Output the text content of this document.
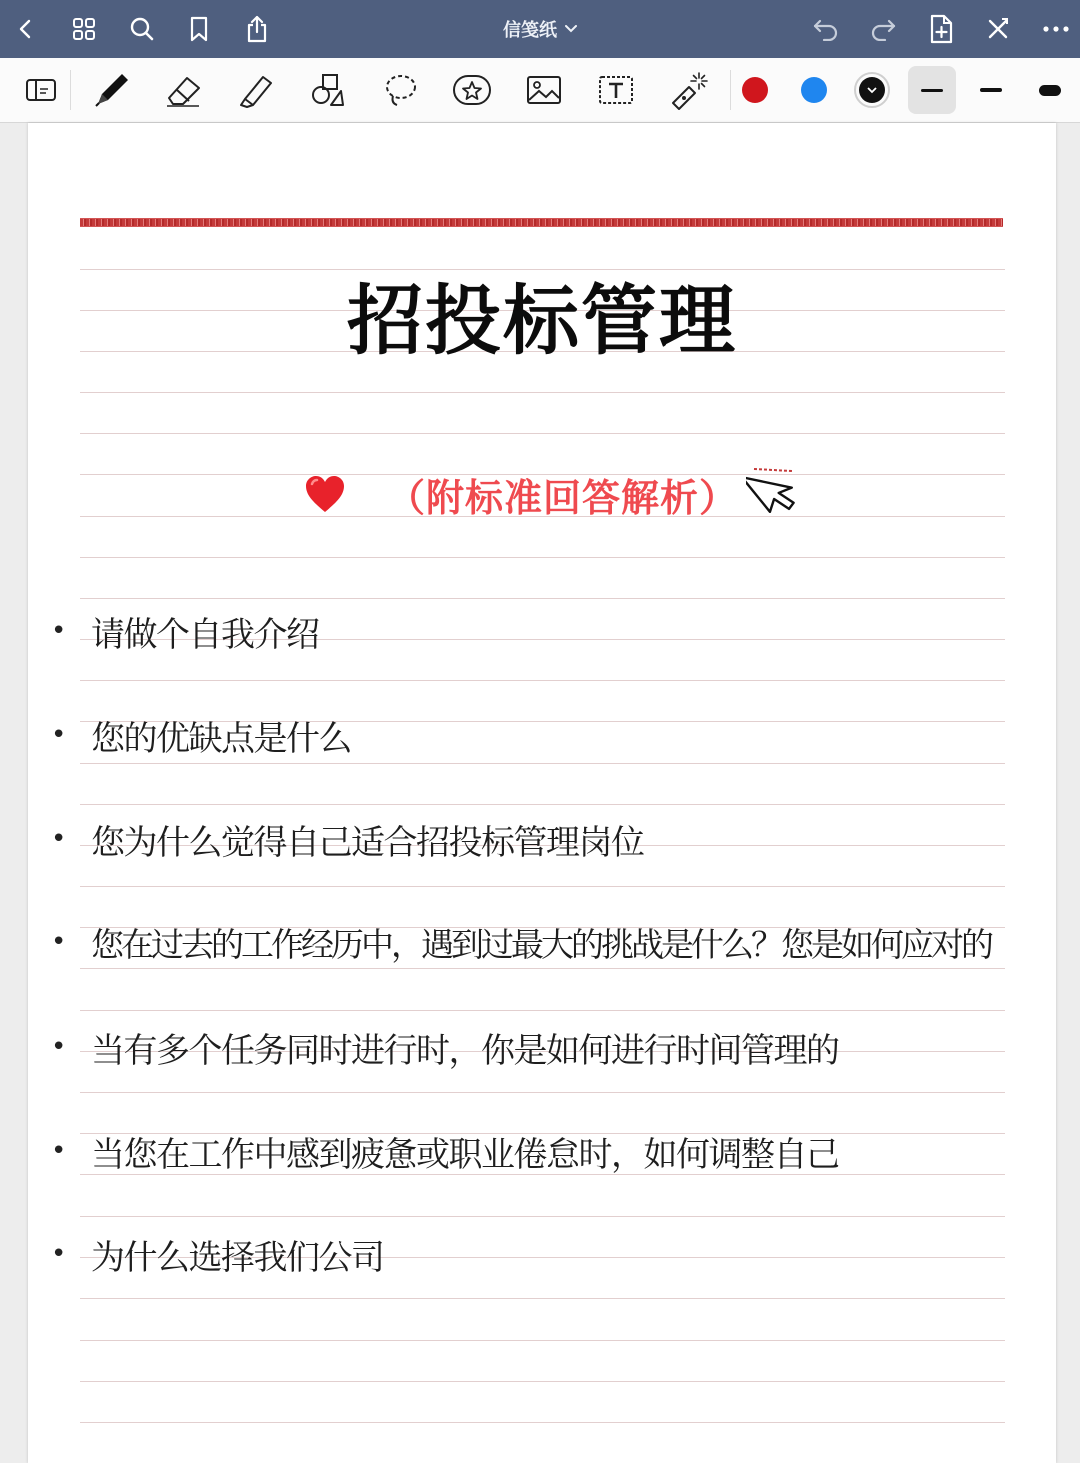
信笺纸
招投标管理
（附标准回答解析）
• 请做个自我介绍
• 您的优缺点是什么
• 您为什么觉得自己适合招投标管理岗位
• 您在过去的工作经历中，遇到过最大的挑战是什么？您是如何应对的
• 当有多个任务同时进行时，你是如何进行时间管理的
• 当您在工作中感到疲惫或职业倦怠时，如何调整自己
• 为什么选择我们公司
